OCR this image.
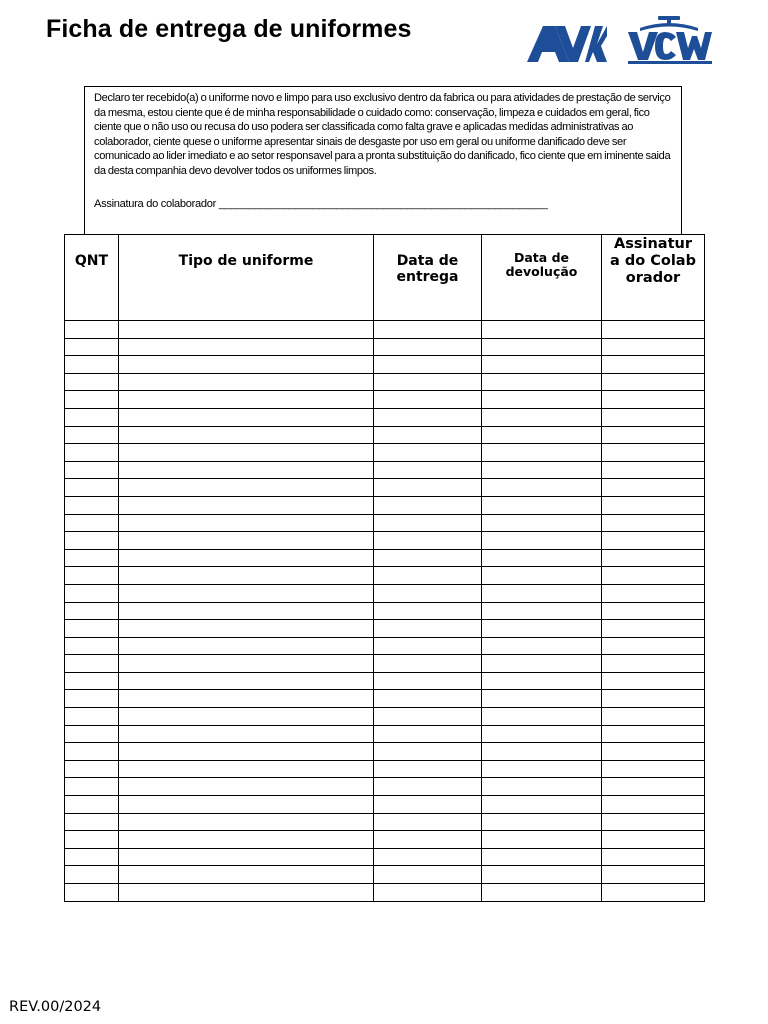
Ficha de entrega de uniformes

Declaro ter recebido(a) o uniforme novo e limpo para uso exclusivo dentro da fabrica ou para atividades de prestação de serviço da mesma, estou ciente que é de minha responsabilidade o cuidado como: conservação, limpeza e cuidados em geral, fico ciente que o não uso ou recusa do uso podera ser classificada como falta grave e aplicadas medidas administrativas ao colaborador, ciente quese o uniforme apresentar sinais de desgaste por uso em geral ou uniforme danificado deve ser comunicado ao lider imediato e ao setor responsavel para a pronta substituição do danificado, fico ciente que em iminente saida da desta companhia devo devolver todos os uniformes limpos.

Assinatura do colaborador ________________________________________________________
QNT	Tipo de uniforme	Data de entrega	Data de devolução	Assinatura do Colaborador

REV.00/2024
